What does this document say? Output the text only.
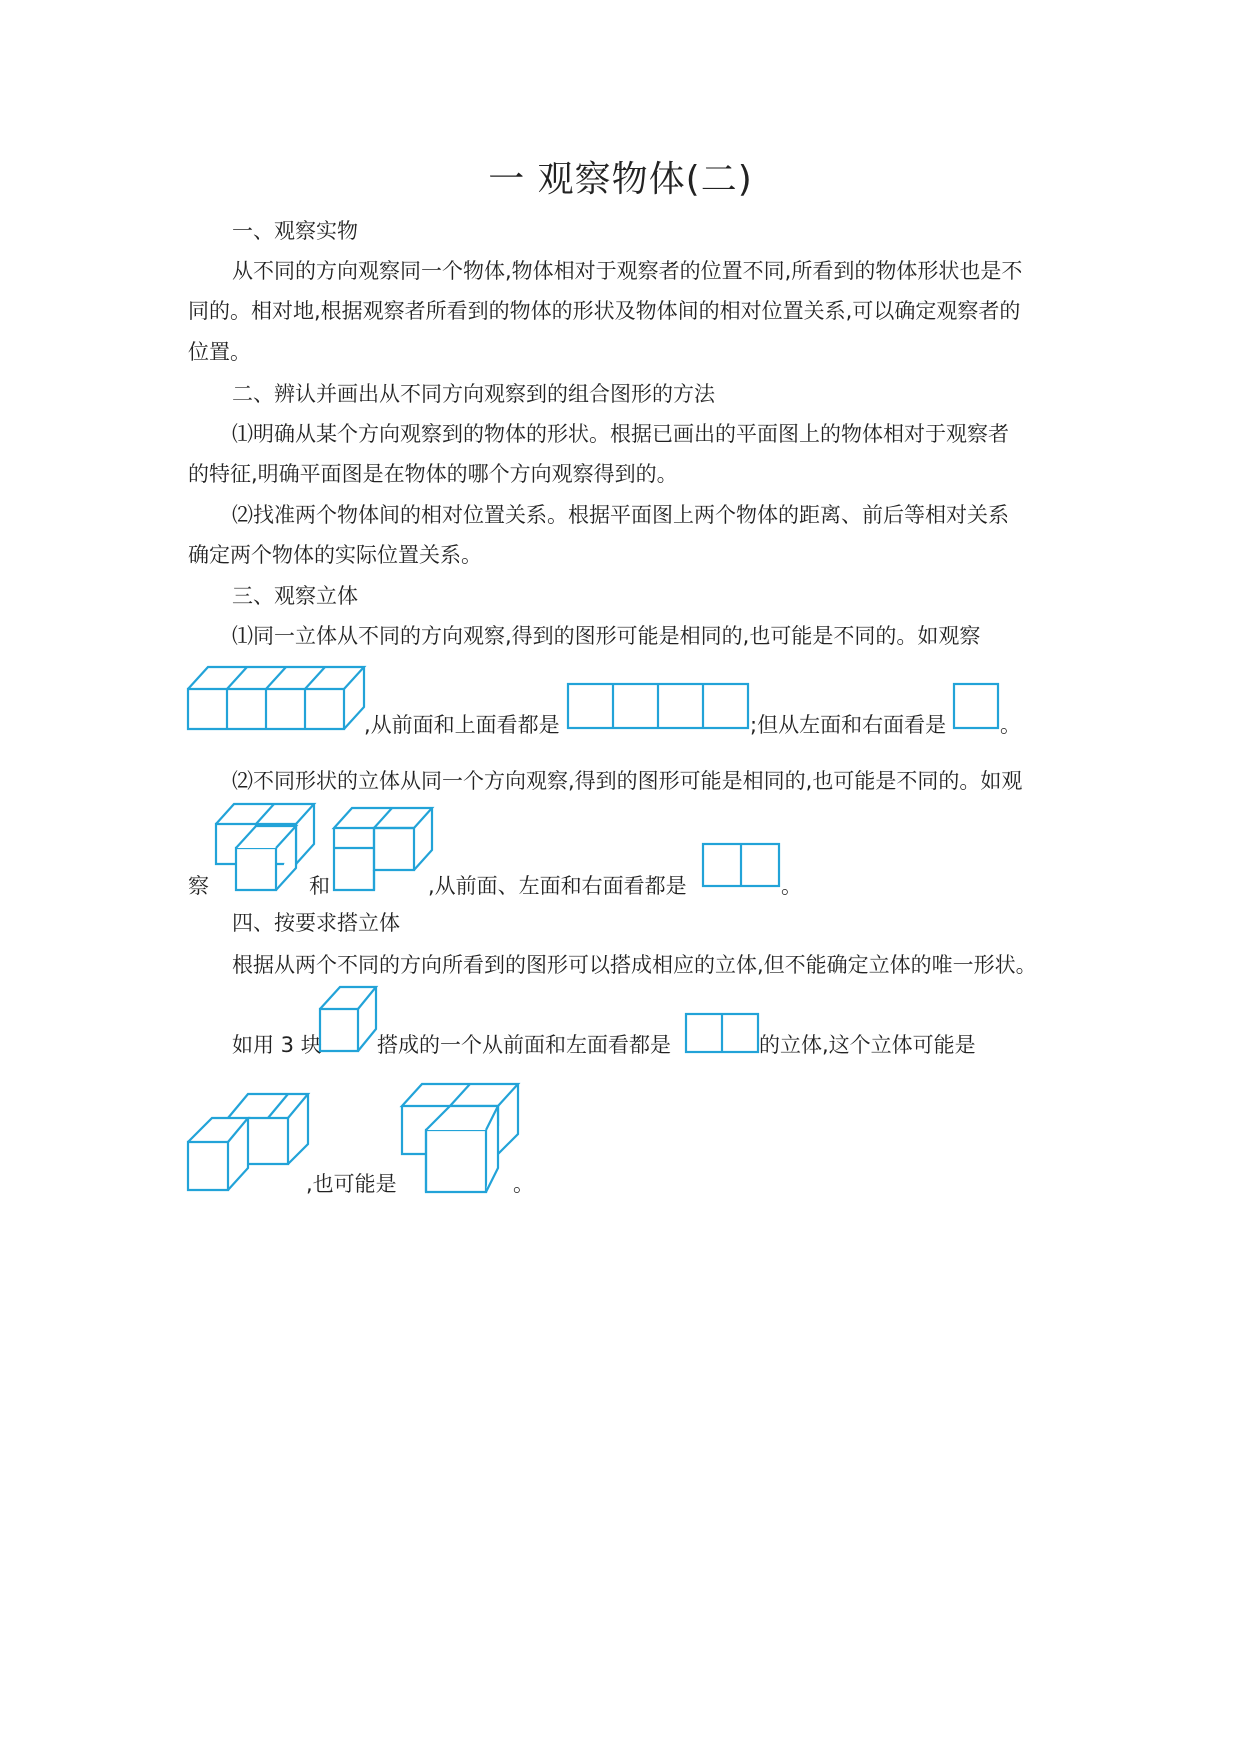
一 观察物体(二)
一、观察实物
从不同的方向观察同一个物体,物体相对于观察者的位置不同,所看到的物体形状也是不
同的。相对地,根据观察者所看到的物体的形状及物体间的相对位置关系,可以确定观察者的
位置。
二、辨认并画出从不同方向观察到的组合图形的方法
⑴明确从某个方向观察到的物体的形状。根据已画出的平面图上的物体相对于观察者
的特征,明确平面图是在物体的哪个方向观察得到的。
⑵找准两个物体间的相对位置关系。根据平面图上两个物体的距离、前后等相对关系
确定两个物体的实际位置关系。
三、观察立体
⑴同一立体从不同的方向观察,得到的图形可能是相同的,也可能是不同的。如观察
,从前面和上面看都是	;但从左面和右面看是	。
⑵不同形状的立体从同一个方向观察,得到的图形可能是相同的,也可能是不同的。如观
察	和	,从前面、左面和右面看都是	。
四、按要求搭立体
根据从两个不同的方向所看到的图形可以搭成相应的立体,但不能确定立体的唯一形状。
如用 3 块	搭成的一个从前面和左面看都是	的立体,这个立体可能是
,也可能是	。
